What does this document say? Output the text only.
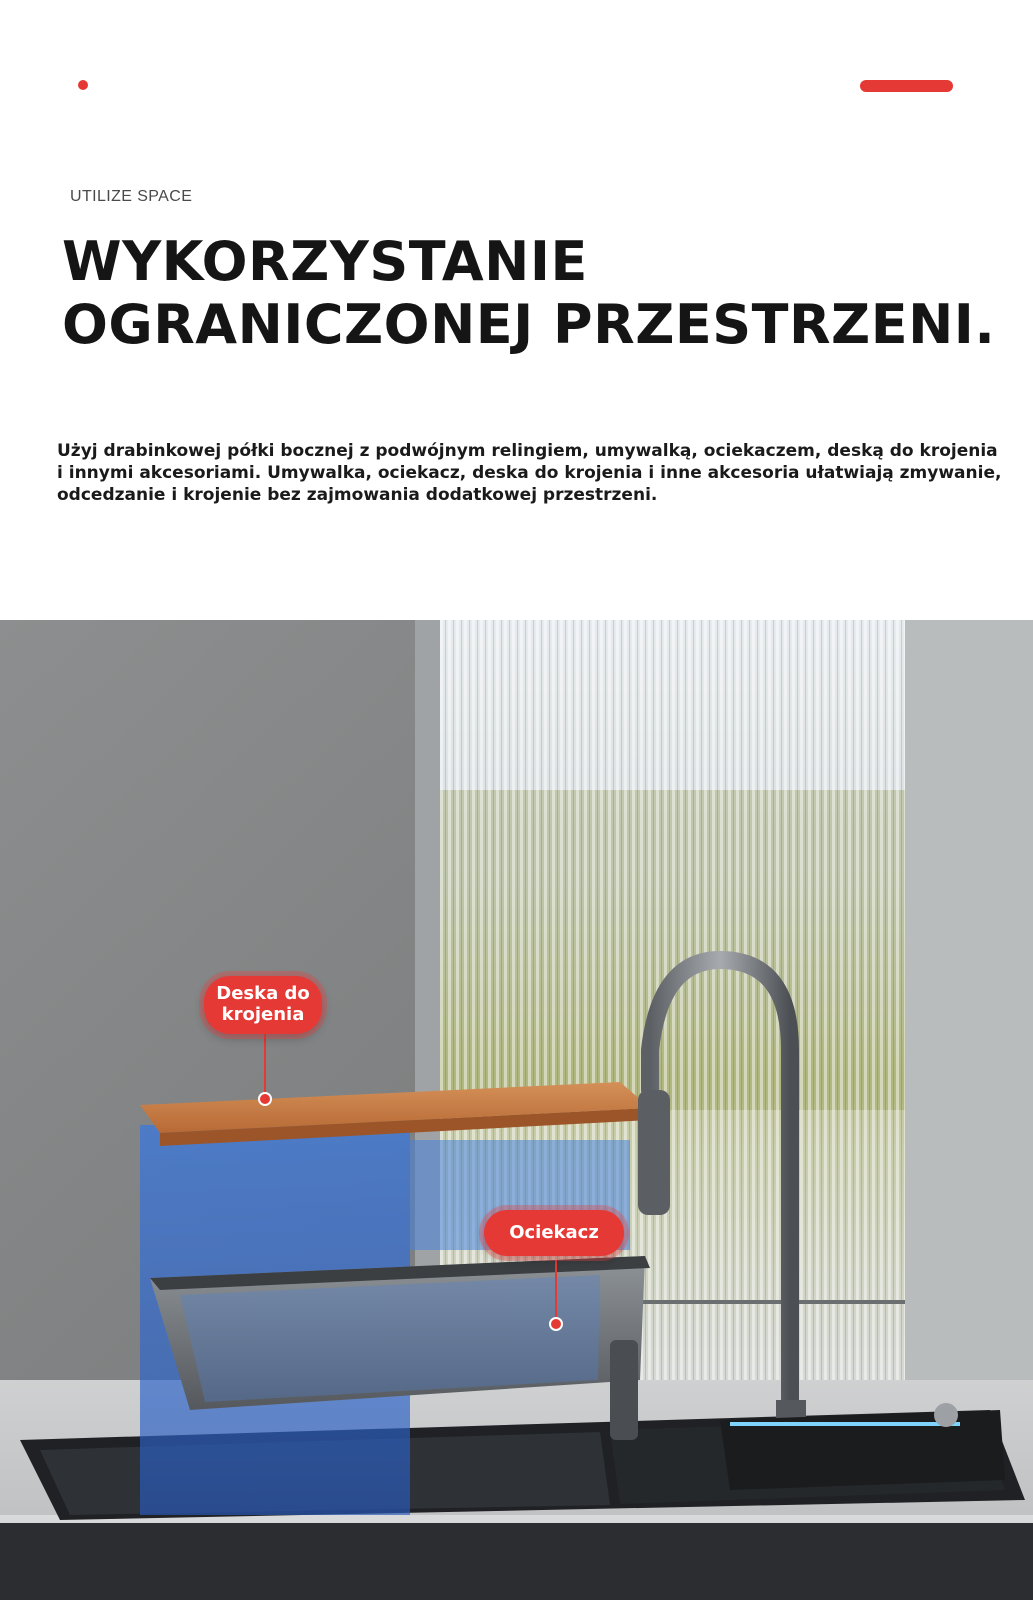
UTILIZE SPACE
WYKORZYSTANIE
OGRANICZONEJ PRZESTRZENI.

Użyj drabinkowej półki bocznej z podwójnym relingiem, umywalką, ociekaczem, deską do krojenia i innymi akcesoriami. Umywalka, ociekacz, deska do krojenia i inne akcesoria ułatwiają zmywanie, odcedzanie i krojenie bez zajmowania dodatkowej przestrzeni.

Deska do
krojenia
Ociekacz
